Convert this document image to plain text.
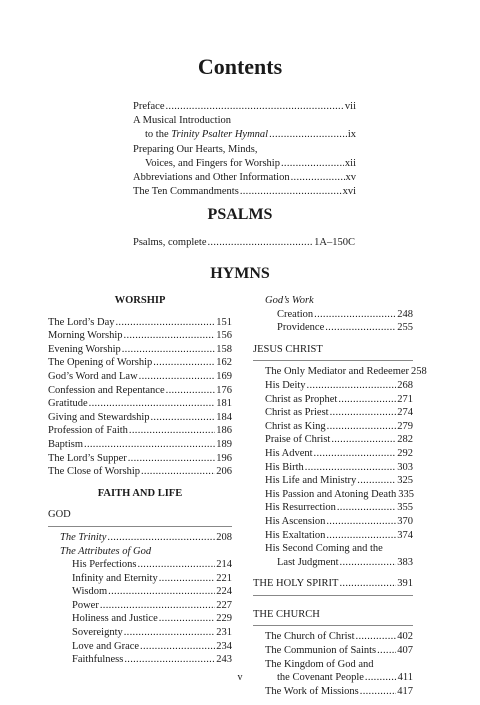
Contents
Preface .....	vii
A Musical Introduction
to the Trinity Psalter Hymnal .....	ix
Preparing Our Hearts, Minds,
Voices, and Fingers for Worship .....	xii
Abbreviations and Other Information .....	xv
The Ten Commandments .....	xvi
PSALMS
Psalms, complete .....	1A–150C
HYMNS
WORSHIP
The Lord’s Day .....	151
Morning Worship .....	156
Evening Worship .....	158
The Opening of Worship .....	162
God’s Word and Law .....	169
Confession and Repentance .....	176
Gratitude .....	181
Giving and Stewardship .....	184
Profession of Faith .....	186
Baptism .....	189
The Lord’s Supper .....	196
The Close of Worship .....	206
FAITH AND LIFE
GOD
The Trinity .....	208
The Attributes of God
His Perfections .....	214
Infinity and Eternity .....	221
Wisdom .....	224
Power .....	227
Holiness and Justice .....	229
Sovereignty .....	231
Love and Grace .....	234
Faithfulness .....	243
God’s Work
Creation .....	248
Providence .....	255
JESUS CHRIST
The Only Mediator and Redeemer 258
His Deity .....	268
Christ as Prophet .....	271
Christ as Priest .....	274
Christ as King .....	279
Praise of Christ .....	282
His Advent .....	292
His Birth .....	303
His Life and Ministry .....	325
His Passion and Atoning Death 335
His Resurrection .....	355
His Ascension .....	370
His Exaltation .....	374
His Second Coming and the
Last Judgment .....	383
THE HOLY SPIRIT .....	391
THE CHURCH
The Church of Christ .....	402
The Communion of Saints ..... 407
The Kingdom of God and
the Covenant People .....	411
The Work of Missions .....	417
v
